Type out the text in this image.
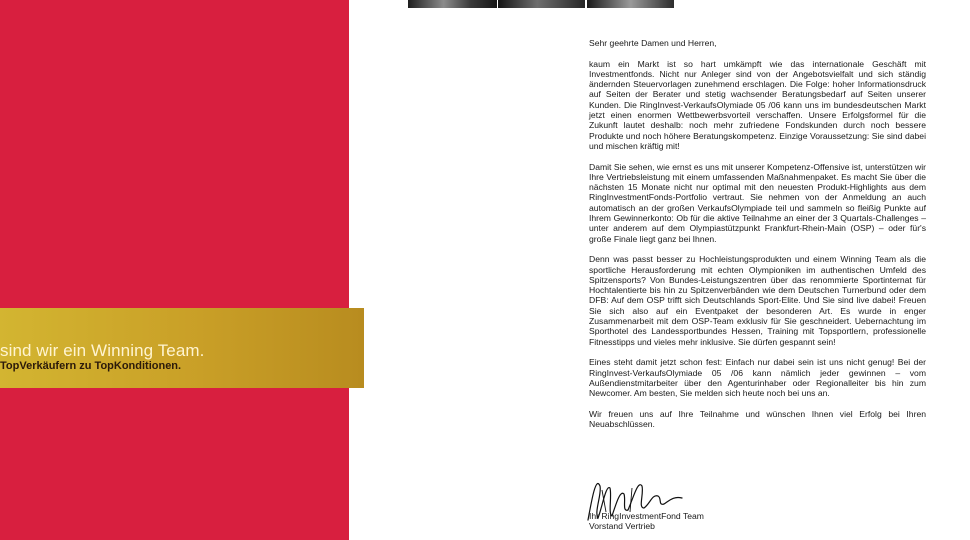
sind wir ein Winning Team.
TopVerkäufern zu TopKonditionen.

Sehr geehrte Damen und Herren,

kaum ein Markt ist so hart umkämpft wie das internationale Geschäft mit Investmentfonds. Nicht nur Anleger sind von der Angebotsvielfalt und sich ständig ändernden Steuervorlagen zunehmend erschlagen. Die Folge: hoher Informationsdruck auf Seiten der Berater und stetig wachsender Beratungsbedarf auf Seiten unserer Kunden. Die RingInvest-VerkaufsOlymiade 05 /06 kann uns im bundesdeutschen Markt jetzt einen enormen Wettbewerbsvorteil verschaffen. Unsere Erfolgsformel für die Zukunft lautet deshalb: noch mehr zufriedene Fondskunden durch noch bessere Produkte und noch höhere Beratungskompetenz. Einzige Voraussetzung: Sie sind dabei und mischen kräftig mit!

Damit Sie sehen, wie ernst es uns mit unserer Kompetenz-Offensive ist, unterstützen wir Ihre Vertriebsleistung mit einem umfassenden Maßnahmenpaket. Es macht Sie über die nächsten 15 Monate nicht nur optimal mit den neuesten Produkt-Highlights aus dem RingInvestmentFonds-Portfolio vertraut. Sie nehmen von der Anmeldung an auch automatisch an der großen VerkaufsOlympiade teil und sammeln so fleißig Punkte auf Ihrem Gewinnerkonto: Ob für die aktive Teilnahme an einer der 3 Quartals-Challenges – unter anderem auf dem Olympiastützpunkt Frankfurt-Rhein-Main (OSP) – oder für's große Finale liegt ganz bei Ihnen.

Denn was passt besser zu Hochleistungsprodukten und einem Winning Team als die sportliche Herausforderung mit echten Olympioniken im authentischen Umfeld des Spitzensports? Von Bundes-Leistungszentren über das renommierte Sportinternat für Hochtalentierte bis hin zu Spitzenverbänden wie dem Deutschen Turnerbund oder dem DFB: Auf dem OSP trifft sich Deutschlands Sport-Elite. Und Sie sind live dabei! Freuen Sie sich also auf ein Eventpaket der besonderen Art. Es wurde in enger Zusammenarbeit mit dem OSP-Team exklusiv für Sie geschneidert. Uebernachtung im Sporthotel des Landessportbundes Hessen, Training mit Topsportlern, professionelle Fitnesstipps und vieles mehr inklusive. Sie dürfen gespannt sein!

Eines steht damit jetzt schon fest: Einfach nur dabei sein ist uns nicht genug! Bei der RingInvest-VerkaufsOlymiade 05 /06 kann nämlich jeder gewinnen – vom Außendienstmitarbeiter über den Agenturinhaber oder Regionalleiter bis hin zum Newcomer. Am besten, Sie melden sich heute noch bei uns an.

Wir freuen uns auf Ihre Teilnahme und wünschen Ihnen viel Erfolg bei Ihren Neuabschlüssen.

Ihr RingInvestmentFond Team
Vorstand Vertrieb
